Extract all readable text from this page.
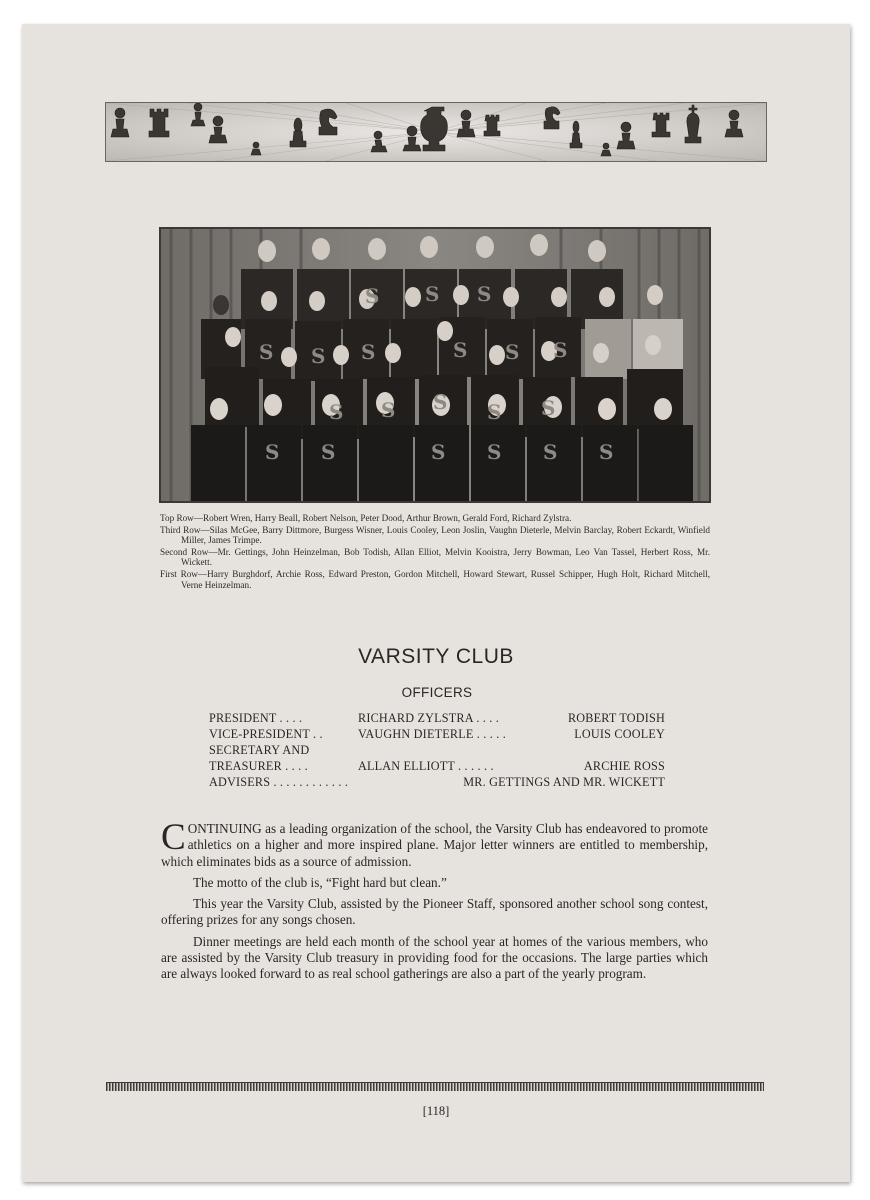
S S	S S S S
S S S S S
S S S	S S S
S S S

Top Row—Robert Wren, Harry Beall, Robert Nelson, Peter Dood, Arthur Brown, Gerald Ford, Richard Zylstra.

Third Row—Silas McGee, Barry Dittmore, Burgess Wisner, Louis Cooley, Leon Joslin, Vaughn Dieterle, Melvin Barclay, Robert Eckardt, Winfield Miller, James Trimpe.

Second Row—Mr. Gettings, John Heinzelman, Bob Todish, Allan Elliot, Melvin Kooistra, Jerry Bowman, Leo Van Tassel, Herbert Ross, Mr. Wickett.

First Row—Harry Burghdorf, Archie Ross, Edward Preston, Gordon Mitchell, Howard Stewart, Russel Schipper, Hugh Holt, Richard Mitchell, Verne Heinzelman.

VARSITY CLUB
OFFICERS
PRESIDENT . . . .	RICHARD ZYLSTRA . . . .	ROBERT TODISH
VICE-PRESIDENT . .	VAUGHN DIETERLE . . . . .	LOUIS COOLEY
SECRETARY AND
TREASURER . . . .	ALLAN ELLIOTT . . . . . .	ARCHIE ROSS
ADVISERS . . . . . . . . . . . .	MR. GETTINGS AND MR. WICKETT

CONTINUING as a leading organization of the school, the Varsity Club has endeavored to promote athletics on a higher and more inspired plane. Major letter winners are entitled to membership, which eliminates bids as a source of admission.

The motto of the club is, “Fight hard but clean.”

This year the Varsity Club, assisted by the Pioneer Staff, sponsored another school song contest, offering prizes for any songs chosen.

Dinner meetings are held each month of the school year at homes of the various members, who are assisted by the Varsity Club treasury in providing food for the occasions. The large parties which are always looked forward to as real school gatherings are also a part of the yearly program.

[118]
